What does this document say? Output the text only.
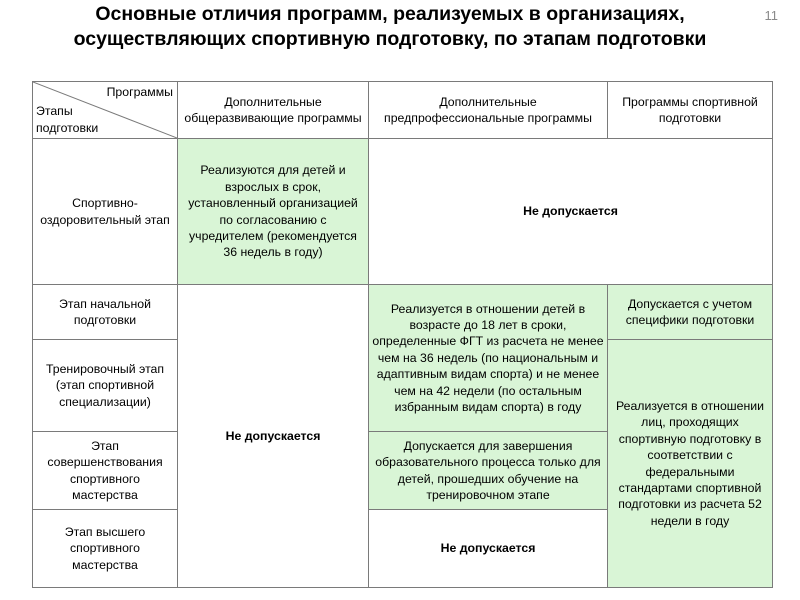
Основные отличия программ, реализуемых в организациях, осуществляющих спортивную подготовку, по этапам подготовки
11
Программы
Этапы подготовки	Дополнительные общеразвивающие программы	Дополнительные предпрофессиональные программы	Программы спортивной подготовки
Спортивно-оздоровительный этап	Реализуются для детей и взрослых в срок, установленный организацией по согласованию с учредителем (рекомендуется 36 недель в году)	Не допускается	
Этап начальной подготовки	Не допускается	Реализуется в отношении детей в возрасте до 18 лет в сроки, определенные ФГТ из расчета не менее чем на 36 недель (по национальным и адаптивным видам спорта) и не менее чем на 42 недели (по остальным избранным видам спорта) в году	Допускается с учетом специфики подготовки
Тренировочный этап (этап спортивной специализации)			Реализуется в отношении лиц, проходящих спортивную подготовку в соответствии с федеральными стандартами спортивной подготовки из расчета 52 недели в году
Этап совершенствования спортивного мастерства		Допускается для завершения образовательного процесса только для детей, прошедших обучение на тренировочном этапе	
Этап высшего спортивного мастерства		Не допускается	
